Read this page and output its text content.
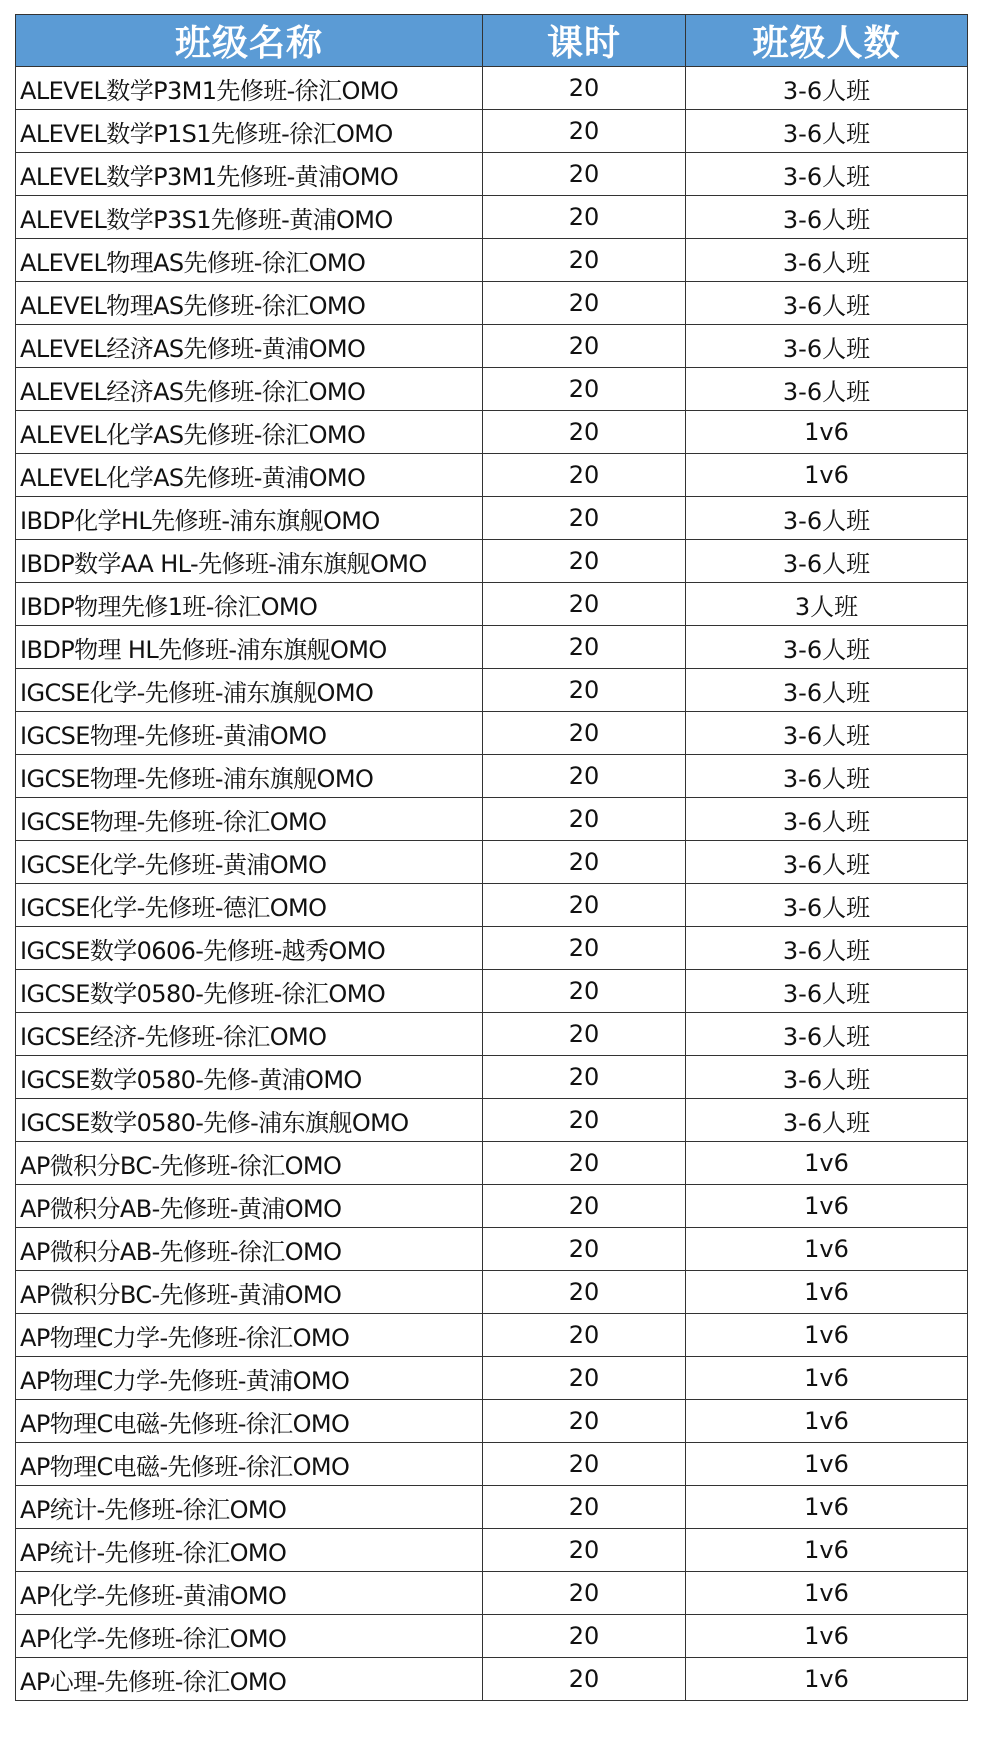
班级名称	课时	班级人数
ALEVEL数学P3M1先修班-徐汇OMO	20	3-6人班
ALEVEL数学P1S1先修班-徐汇OMO	20	3-6人班
ALEVEL数学P3M1先修班-黄浦OMO	20	3-6人班
ALEVEL数学P3S1先修班-黄浦OMO	20	3-6人班
ALEVEL物理AS先修班-徐汇OMO	20	3-6人班
ALEVEL物理AS先修班-徐汇OMO	20	3-6人班
ALEVEL经济AS先修班-黄浦OMO	20	3-6人班
ALEVEL经济AS先修班-徐汇OMO	20	3-6人班
ALEVEL化学AS先修班-徐汇OMO	20	1v6
ALEVEL化学AS先修班-黄浦OMO	20	1v6
IBDP化学HL先修班-浦东旗舰OMO	20	3-6人班
IBDP数学AA HL-先修班-浦东旗舰OMO	20	3-6人班
IBDP物理先修1班-徐汇OMO	20	3人班
IBDP物理 HL先修班-浦东旗舰OMO	20	3-6人班
IGCSE化学-先修班-浦东旗舰OMO	20	3-6人班
IGCSE物理-先修班-黄浦OMO	20	3-6人班
IGCSE物理-先修班-浦东旗舰OMO	20	3-6人班
IGCSE物理-先修班-徐汇OMO	20	3-6人班
IGCSE化学-先修班-黄浦OMO	20	3-6人班
IGCSE化学-先修班-德汇OMO	20	3-6人班
IGCSE数学0606-先修班-越秀OMO	20	3-6人班
IGCSE数学0580-先修班-徐汇OMO	20	3-6人班
IGCSE经济-先修班-徐汇OMO	20	3-6人班
IGCSE数学0580-先修-黄浦OMO	20	3-6人班
IGCSE数学0580-先修-浦东旗舰OMO	20	3-6人班
AP微积分BC-先修班-徐汇OMO	20	1v6
AP微积分AB-先修班-黄浦OMO	20	1v6
AP微积分AB-先修班-徐汇OMO	20	1v6
AP微积分BC-先修班-黄浦OMO	20	1v6
AP物理C力学-先修班-徐汇OMO	20	1v6
AP物理C力学-先修班-黄浦OMO	20	1v6
AP物理C电磁-先修班-徐汇OMO	20	1v6
AP物理C电磁-先修班-徐汇OMO	20	1v6
AP统计-先修班-徐汇OMO	20	1v6
AP统计-先修班-徐汇OMO	20	1v6
AP化学-先修班-黄浦OMO	20	1v6
AP化学-先修班-徐汇OMO	20	1v6
AP心理-先修班-徐汇OMO	20	1v6
